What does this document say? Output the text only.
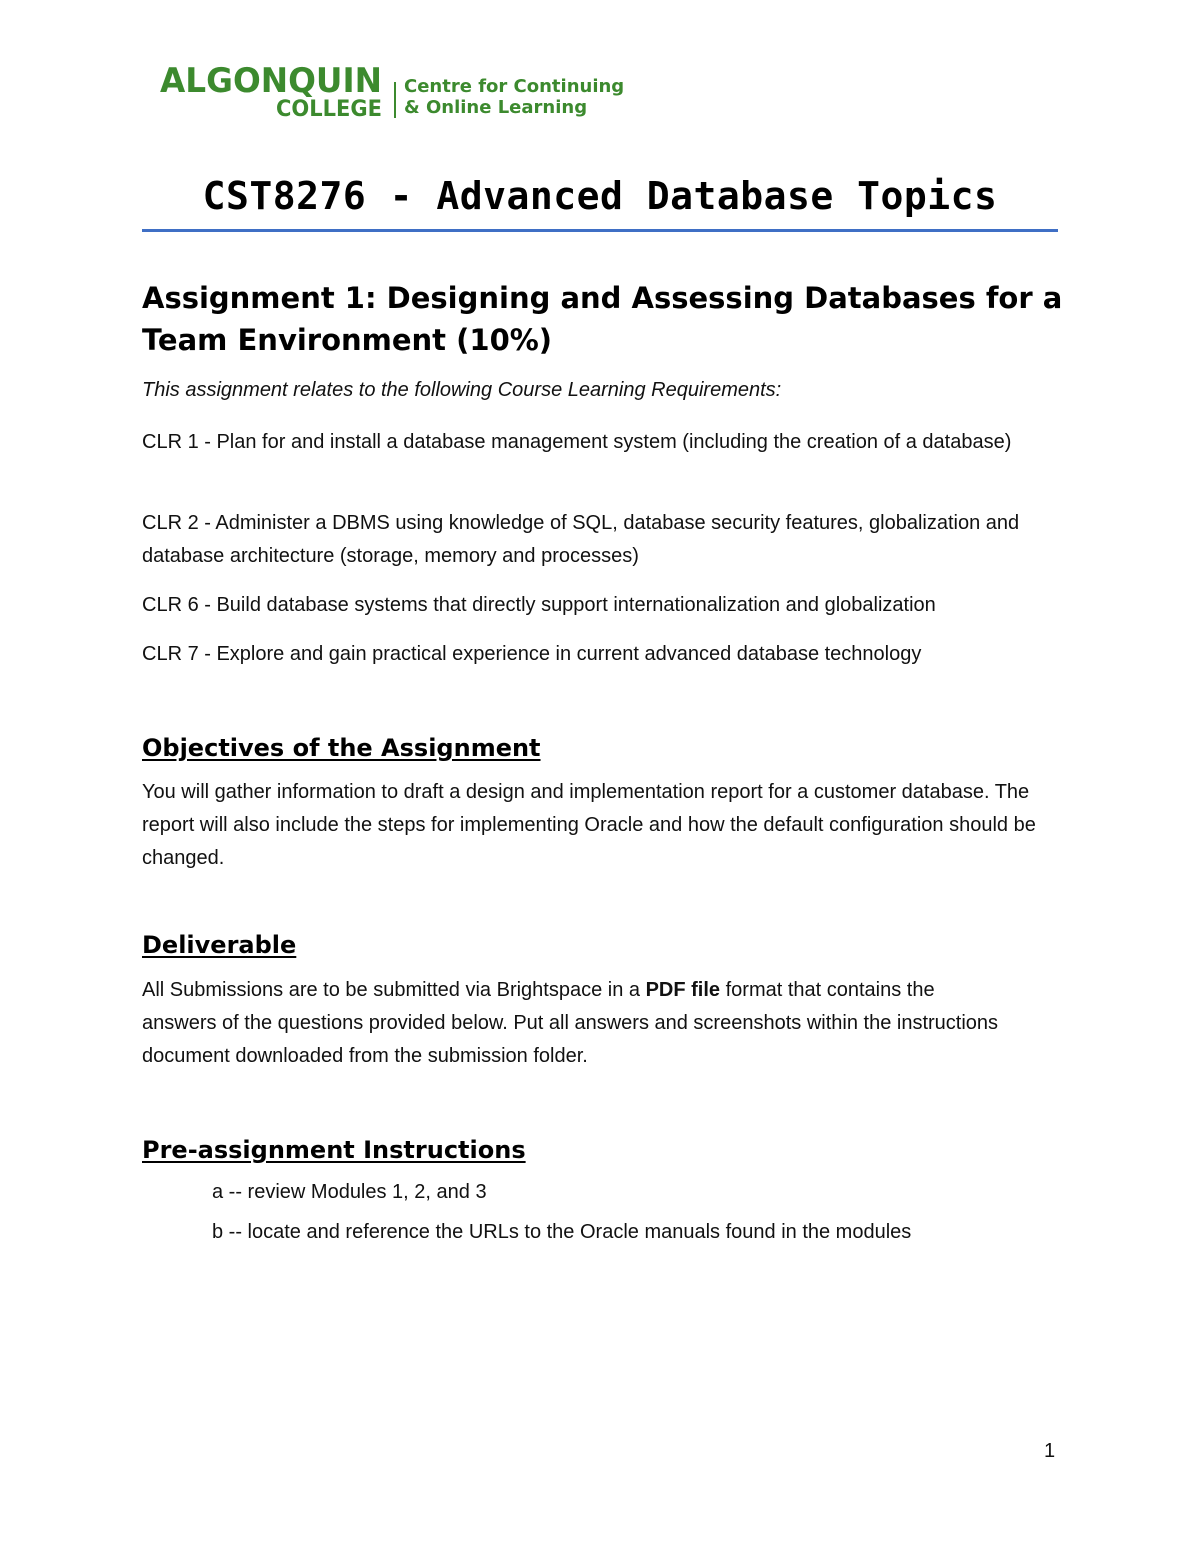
ALGONQUIN
COLLEGE
Centre for Continuing
& Online Learning
CST8276 - Advanced Database Topics
Assignment 1: Designing and Assessing Databases for a Team Environment (10%)
This assignment relates to the following Course Learning Requirements:
CLR 1 - Plan for and install a database management system (including the creation of a database)
CLR 2 - Administer a DBMS using knowledge of SQL, database security features, globalization and database architecture (storage, memory and processes)
CLR 6 - Build database systems that directly support internationalization and globalization
CLR 7 - Explore and gain practical experience in current advanced database technology
Objectives of the Assignment
You will gather information to draft a design and implementation report for a customer database. The report will also include the steps for implementing Oracle and how the default configuration should be changed.
Deliverable
All Submissions are to be submitted via Brightspace in a PDF file format that contains the answers of the questions provided below. Put all answers and screenshots within the instructions document downloaded from the submission folder.
Pre-assignment Instructions
a -- review Modules 1, 2, and 3
b -- locate and reference the URLs to the Oracle manuals found in the modules
1
